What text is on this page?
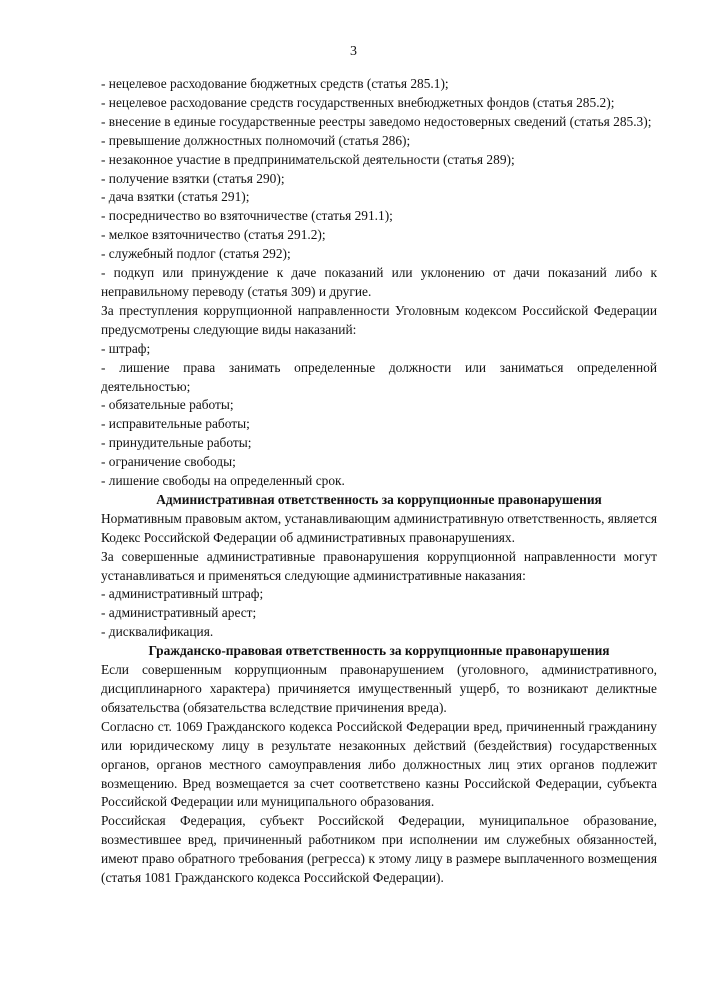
3

- нецелевое расходование бюджетных средств (статья 285.1);

- нецелевое расходование средств государственных внебюджетных фондов (статья 285.2);

- внесение в единые государственные реестры заведомо недостоверных сведений (статья 285.3);

- превышение должностных полномочий (статья 286);

- незаконное участие в предпринимательской деятельности (статья 289);

- получение взятки (статья 290);

- дача взятки (статья 291);

- посредничество во взяточничестве (статья 291.1);

- мелкое взяточничество (статья 291.2);

- служебный подлог (статья 292);

- подкуп или принуждение к даче показаний или уклонению от дачи показаний либо к неправильному переводу (статья 309) и другие.

За преступления коррупционной направленности Уголовным кодексом Российской Федерации предусмотрены следующие виды наказаний:

- штраф;

- лишение права занимать определенные должности или заниматься определенной деятельностью;

- обязательные работы;

- исправительные работы;

- принудительные работы;

- ограничение свободы;

- лишение свободы на определенный срок.

Административная ответственность за коррупционные правонарушения

Нормативным правовым актом, устанавливающим административную ответственность, является Кодекс Российской Федерации об административных правонарушениях.

За совершенные административные правонарушения коррупционной направленности могут устанавливаться и применяться следующие административные наказания:

- административный штраф;

- административный арест;

- дисквалификация.

Гражданско-правовая ответственность за коррупционные правонарушения

Если совершенным коррупционным правонарушением (уголовного, административного, дисциплинарного характера) причиняется имущественный ущерб, то возникают деликтные обязательства (обязательства вследствие причинения вреда).

Согласно ст. 1069 Гражданского кодекса Российской Федерации вред, причиненный гражданину или юридическому лицу в результате незаконных действий (бездействия) государственных органов, органов местного самоуправления либо должностных лиц этих органов подлежит возмещению. Вред возмещается за счет соответствено казны Российской Федерации, субъекта Российской Федерации или муниципального образования.

Российская Федерация, субъект Российской Федерации, муниципальное образование, возместившее вред, причиненный работником при исполнении им служебных обязанностей, имеют право обратного требования (регресса) к этому лицу в размере выплаченного возмещения (статья 1081 Гражданского кодекса Российской Федерации).
